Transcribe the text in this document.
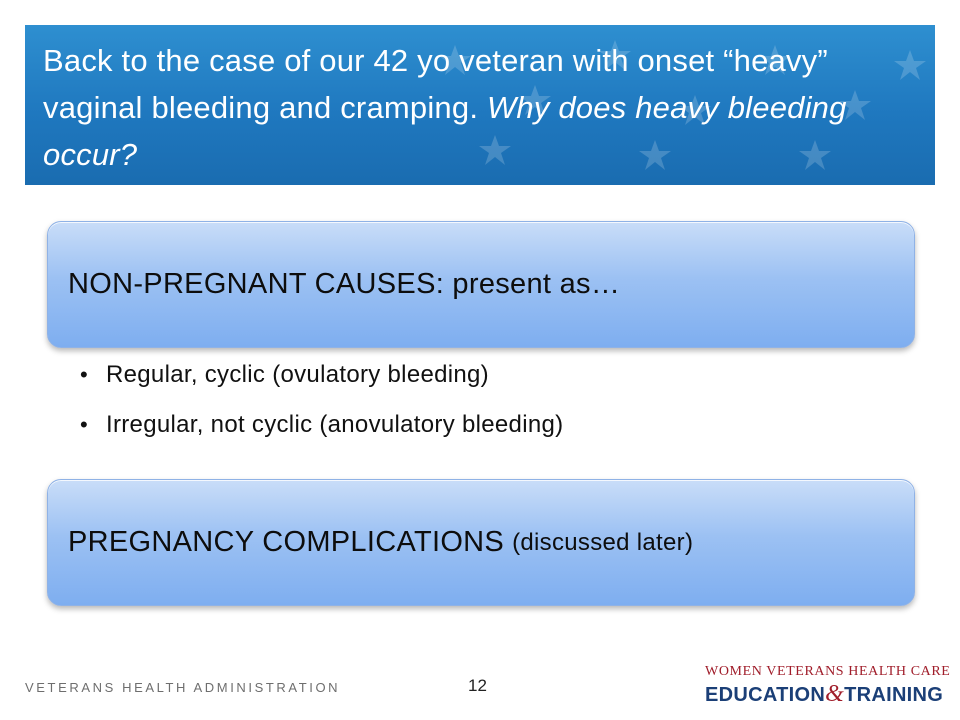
Back to the case of our 42 yo veteran with onset “heavy” vaginal bleeding and cramping. Why does heavy bleeding occur?
NON-PREGNANT CAUSES: present as…
• Regular, cyclic (ovulatory bleeding)
• Irregular, not cyclic (anovulatory bleeding)
PREGNANCY COMPLICATIONS (discussed later)
VETERANS HEALTH ADMINISTRATION	12
WOMEN VETERANS HEALTH CARE
EDUCATION&TRAINING
